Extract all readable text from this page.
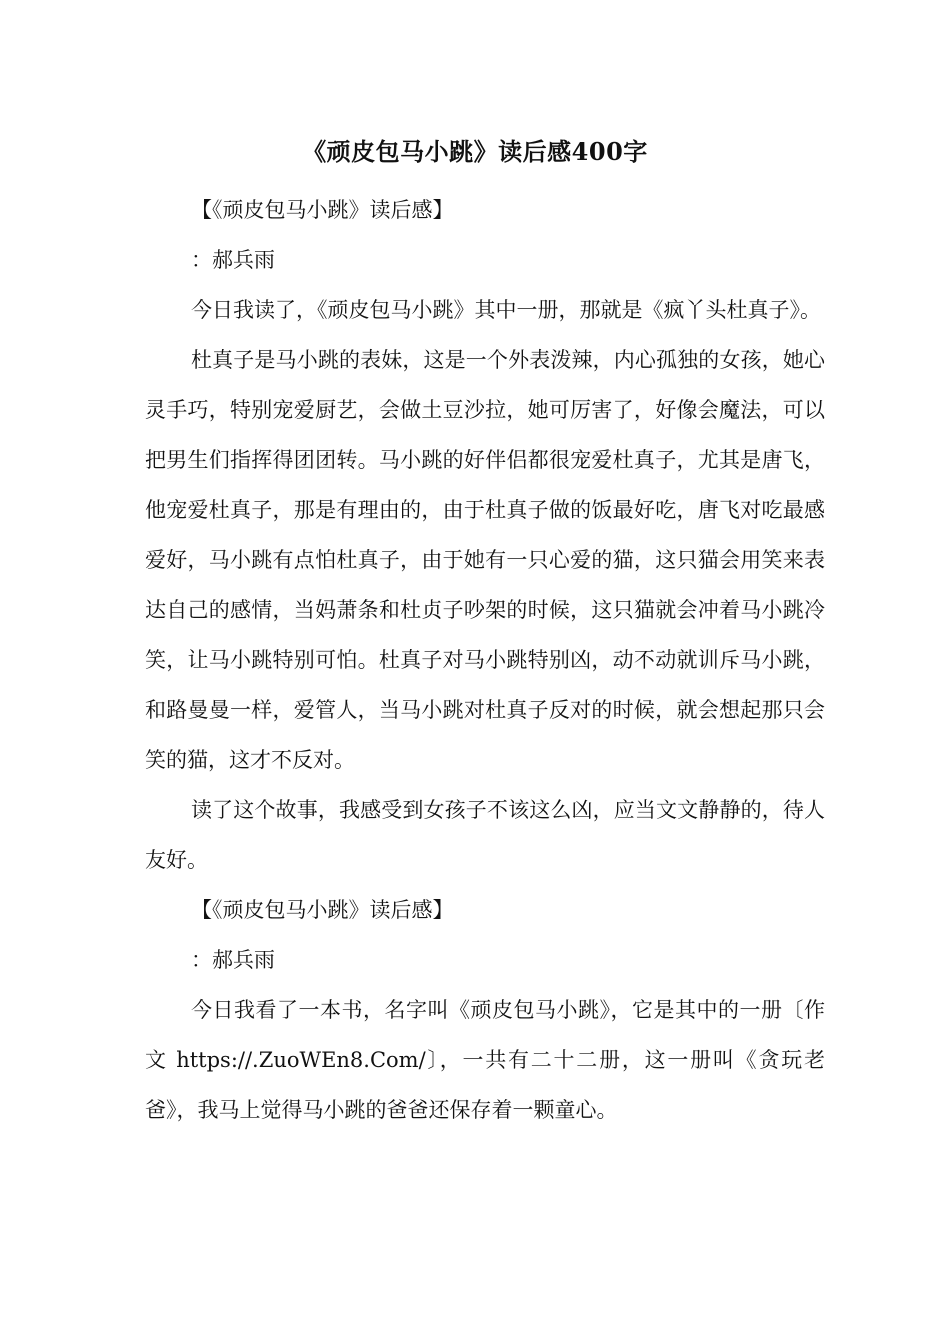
《顽皮包马小跳》读后感400字

【《顽皮包马小跳》读后感】

：郝兵雨

今日我读了，《顽皮包马小跳》其中一册，那就是《疯丫头杜真子》。

杜真子是马小跳的表妹，这是一个外表泼辣，内心孤独的女孩，她心灵手巧，特别宠爱厨艺，会做土豆沙拉，她可厉害了，好像会魔法，可以把男生们指挥得团团转。马小跳的好伴侣都很宠爱杜真子，尤其是唐飞，他宠爱杜真子，那是有理由的，由于杜真子做的饭最好吃，唐飞对吃最感爱好，马小跳有点怕杜真子，由于她有一只心爱的猫，这只猫会用笑来表达自己的感情，当妈萧条和杜贞子吵架的时候，这只猫就会冲着马小跳冷笑，让马小跳特别可怕。杜真子对马小跳特别凶，动不动就训斥马小跳，和路曼曼一样，爱管人，当马小跳对杜真子反对的时候，就会想起那只会笑的猫，这才不反对。

读了这个故事，我感受到女孩子不该这么凶，应当文文静静的，待人友好。

【《顽皮包马小跳》读后感】

：郝兵雨

今日我看了一本书，名字叫《顽皮包马小跳》，它是其中的一册〔作文 https://.ZuoWEn8.Com/〕，一共有二十二册，这一册叫《贪玩老爸》，我马上觉得马小跳的爸爸还保存着一颗童心。
